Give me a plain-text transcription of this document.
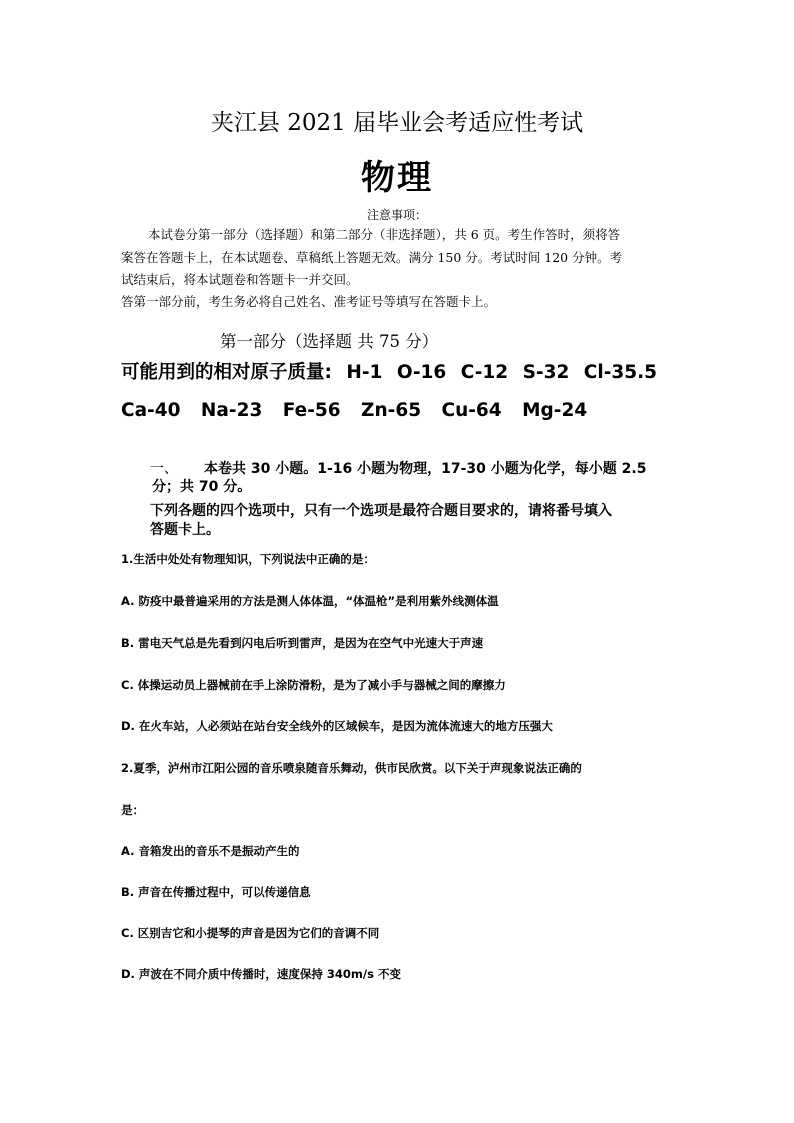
夹江县 2021 届毕业会考适应性考试
物理
注意事项：
本试卷分第一部分（选择题）和第二部分（非选择题），共 6 页。考生作答时，须将答
案答在答题卡上，在本试题卷、草稿纸上答题无效。满分 150 分。考试时间 120 分钟。考
试结束后，将本试题卷和答题卡一并交回。
答第一部分前，考生务必将自己姓名、准考证号等填写在答题卡上。
第一部分（选择题 共 75 分）
可能用到的相对原子质量: H-1 O-16 C-12 S-32 Cl-35.5
Ca-40 Na-23 Fe-56 Zn-65 Cu-64 Mg-24
一、 本卷共 30 小题。1-16 小题为物理，17-30 小题为化学，每小题 2.5
分；共 70 分。
下列各题的四个选项中，只有一个选项是最符合题目要求的，请将番号填入
答题卡上。
1.生活中处处有物理知识，下列说法中正确的是：
A. 防疫中最普遍采用的方法是测人体体温，“体温枪”是利用紫外线测体温
B. 雷电天气总是先看到闪电后听到雷声，是因为在空气中光速大于声速
C. 体操运动员上器械前在手上涂防滑粉，是为了减小手与器械之间的摩擦力
D. 在火车站，人必须站在站台安全线外的区域候车，是因为流体流速大的地方压强大
2.夏季，泸州市江阳公园的音乐喷泉随音乐舞动，供市民欣赏。以下关于声现象说法正确的
是：
A. 音箱发出的音乐不是振动产生的
B. 声音在传播过程中，可以传递信息
C. 区别吉它和小提琴的声音是因为它们的音调不同
D. 声波在不同介质中传播时，速度保持 340m/s 不变
